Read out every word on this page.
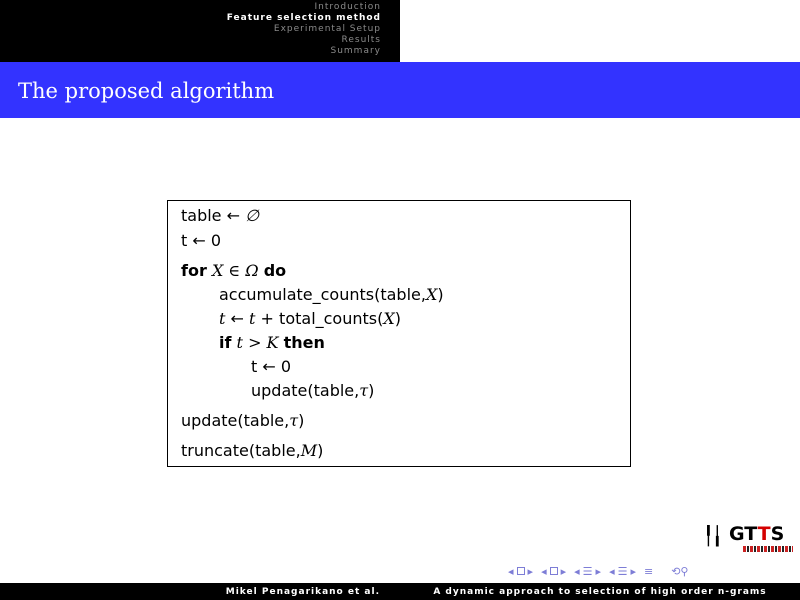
Introduction
Feature selection method
Experimental Setup
Results
Summary
The proposed algorithm
table ← ∅
t ← 0
for X ∈ Ω do
accumulate_counts(table,X)
t ← t + total_counts(X)
if t > K then
t ← 0
update(table,τ)
update(table,τ)
truncate(table,M)
╿╽ GTTS
◂ ▸ ◂ ▸ ◂ ☰ ▸ ◂ ☰ ▸ ≡ ⟲⚲
Mikel Penagarikano et al.	A dynamic approach to selection of high order n-grams
